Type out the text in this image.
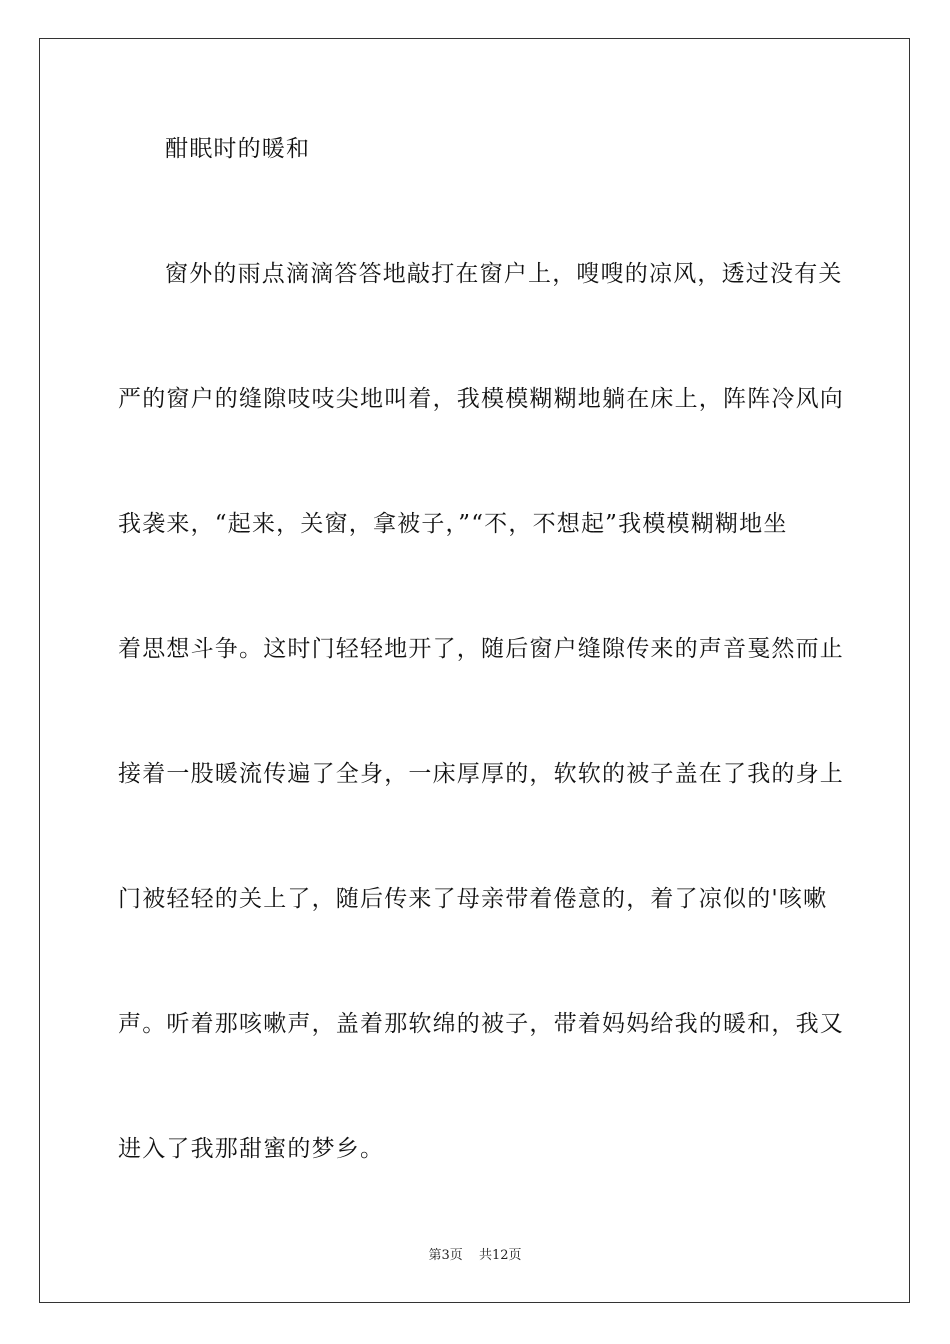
酣眠时的暖和
窗外的雨点滴滴答答地敲打在窗户上，嗖嗖的凉风，透过没有关
严的窗户的缝隙吱吱尖地叫着，我模模糊糊地躺在床上，阵阵冷风向
我袭来，“起来，关窗，拿被子，”“不，不想起”我模模糊糊地坐
着思想斗争。这时门轻轻地开了，随后窗户缝隙传来的声音戛然而止
接着一股暖流传遍了全身，一床厚厚的，软软的被子盖在了我的身上
门被轻轻的关上了，随后传来了母亲带着倦意的，着了凉似的'咳嗽
声。听着那咳嗽声，盖着那软绵的被子，带着妈妈给我的暖和，我又
进入了我那甜蜜的梦乡。
第3页 共12页
